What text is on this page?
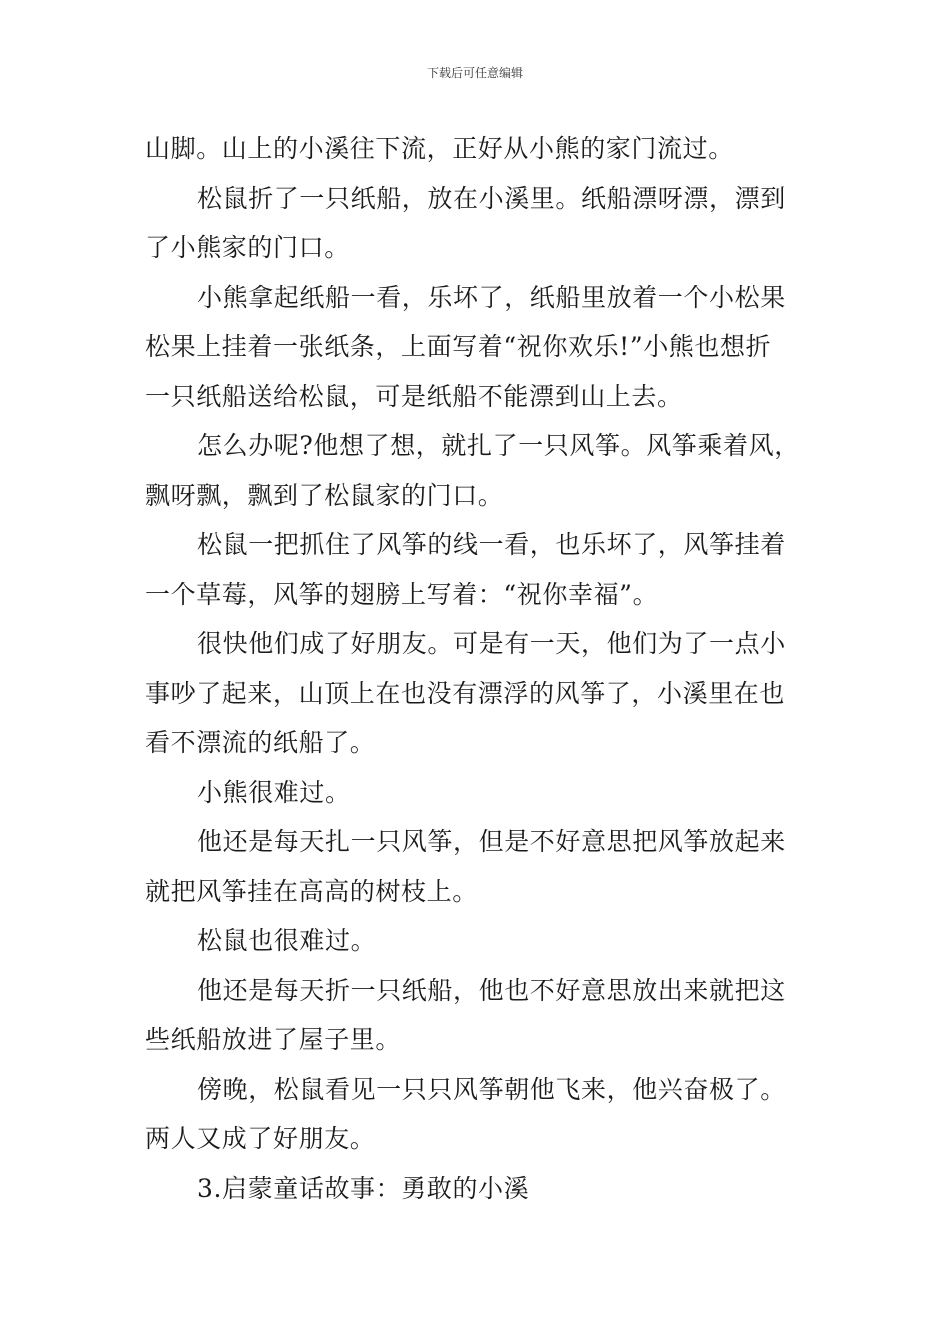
下载后可任意编辑

山脚。山上的小溪往下流，正好从小熊的家门流过。

松鼠折了一只纸船，放在小溪里。纸船漂呀漂，漂到
了小熊家的门口。

小熊拿起纸船一看，乐坏了，纸船里放着一个小松果
松果上挂着一张纸条，上面写着“祝你欢乐!”小熊也想折
一只纸船送给松鼠，可是纸船不能漂到山上去。

怎么办呢?他想了想，就扎了一只风筝。风筝乘着风，
飘呀飘，飘到了松鼠家的门口。

松鼠一把抓住了风筝的线一看，也乐坏了，风筝挂着
一个草莓，风筝的翅膀上写着：“祝你幸福”。

很快他们成了好朋友。可是有一天，他们为了一点小
事吵了起来，山顶上在也没有漂浮的风筝了，小溪里在也
看不漂流的纸船了。

小熊很难过。

他还是每天扎一只风筝，但是不好意思把风筝放起来
就把风筝挂在高高的树枝上。

松鼠也很难过。

他还是每天折一只纸船，他也不好意思放出来就把这
些纸船放进了屋子里。

傍晚，松鼠看见一只只风筝朝他飞来，他兴奋极了。
两人又成了好朋友。

3.启蒙童话故事：勇敢的小溪
